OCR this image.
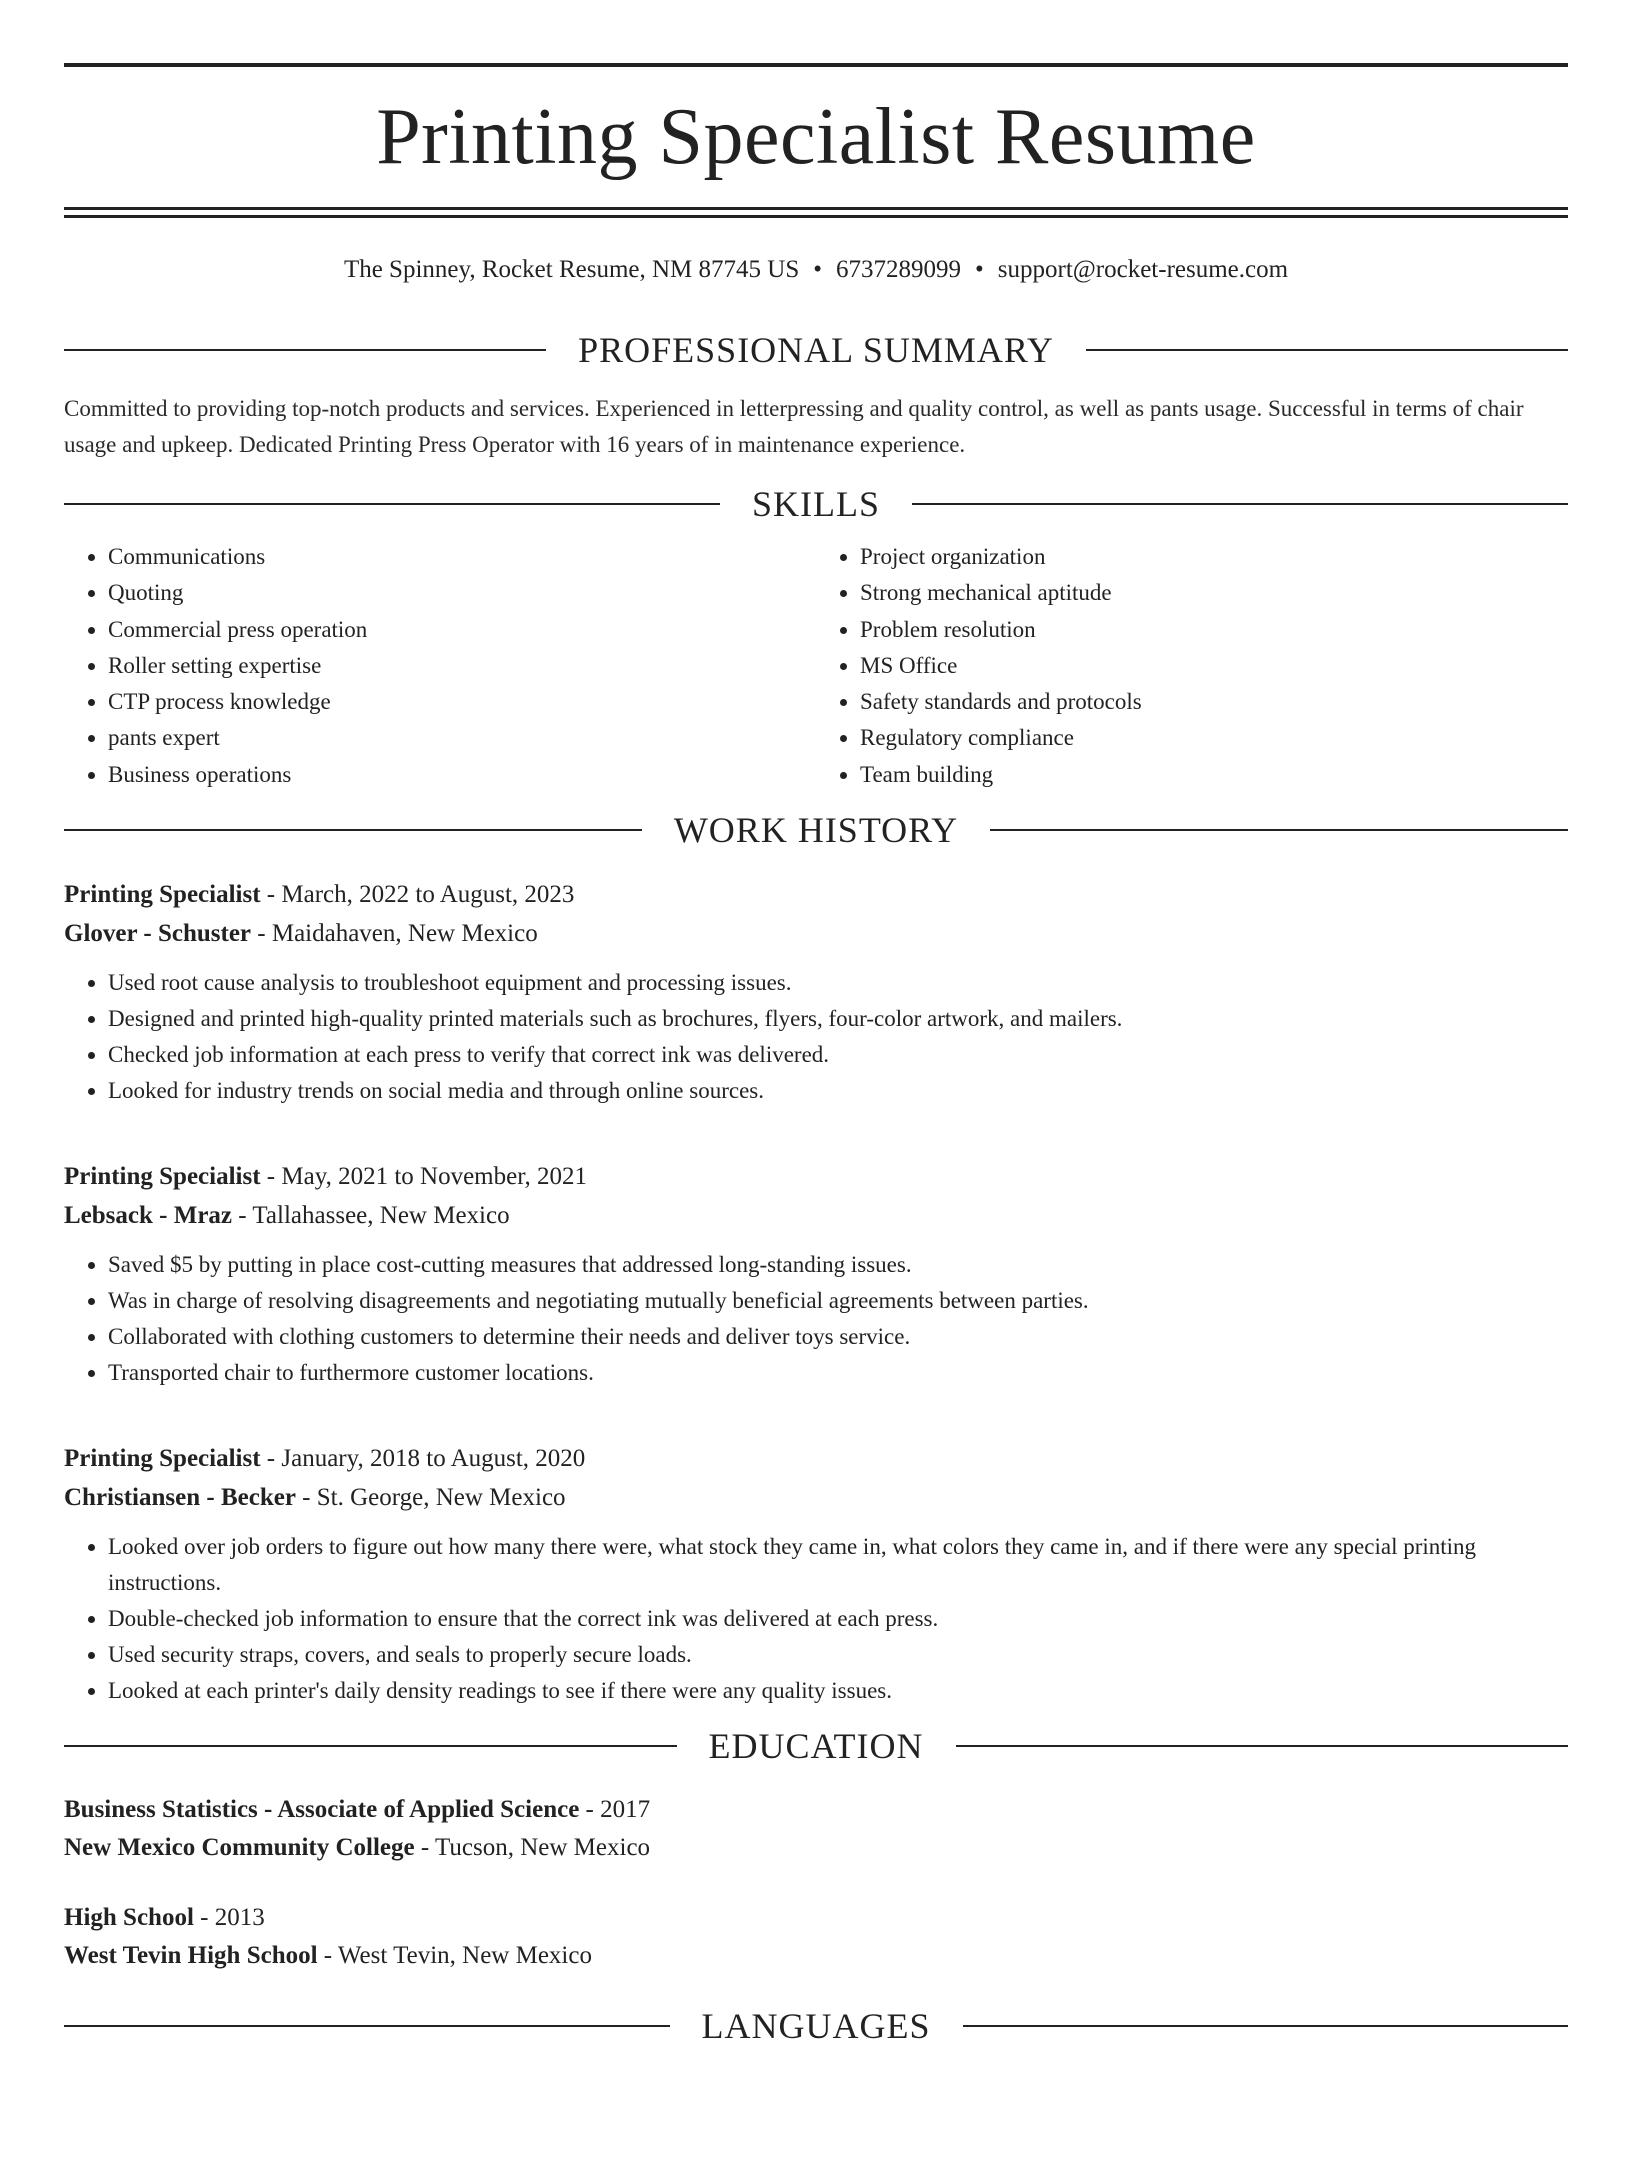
Printing Specialist Resume
The Spinney, Rocket Resume, NM 87745 US • 6737289099 • support@rocket-resume.com
PROFESSIONAL SUMMARY
Committed to providing top-notch products and services. Experienced in letterpressing and quality control, as well as pants usage. Successful in terms of chair usage and upkeep. Dedicated Printing Press Operator with 16 years of in maintenance experience.
SKILLS
• Communications
• Quoting
• Commercial press operation
• Roller setting expertise
• CTP process knowledge
• pants expert
• Business operations
• Project organization
• Strong mechanical aptitude
• Problem resolution
• MS Office
• Safety standards and protocols
• Regulatory compliance
• Team building
WORK HISTORY
Printing Specialist - March, 2022 to August, 2023
Glover - Schuster - Maidahaven, New Mexico
• Used root cause analysis to troubleshoot equipment and processing issues.
• Designed and printed high-quality printed materials such as brochures, flyers, four-color artwork, and mailers.
• Checked job information at each press to verify that correct ink was delivered.
• Looked for industry trends on social media and through online sources.
Printing Specialist - May, 2021 to November, 2021
Lebsack - Mraz - Tallahassee, New Mexico
• Saved $5 by putting in place cost-cutting measures that addressed long-standing issues.
• Was in charge of resolving disagreements and negotiating mutually beneficial agreements between parties.
• Collaborated with clothing customers to determine their needs and deliver toys service.
• Transported chair to furthermore customer locations.
Printing Specialist - January, 2018 to August, 2020
Christiansen - Becker - St. George, New Mexico
• Looked over job orders to figure out how many there were, what stock they came in, what colors they came in, and if there were any special printing instructions.
• Double-checked job information to ensure that the correct ink was delivered at each press.
• Used security straps, covers, and seals to properly secure loads.
• Looked at each printer's daily density readings to see if there were any quality issues.
EDUCATION
Business Statistics - Associate of Applied Science - 2017
New Mexico Community College - Tucson, New Mexico
High School - 2013
West Tevin High School - West Tevin, New Mexico
LANGUAGES
